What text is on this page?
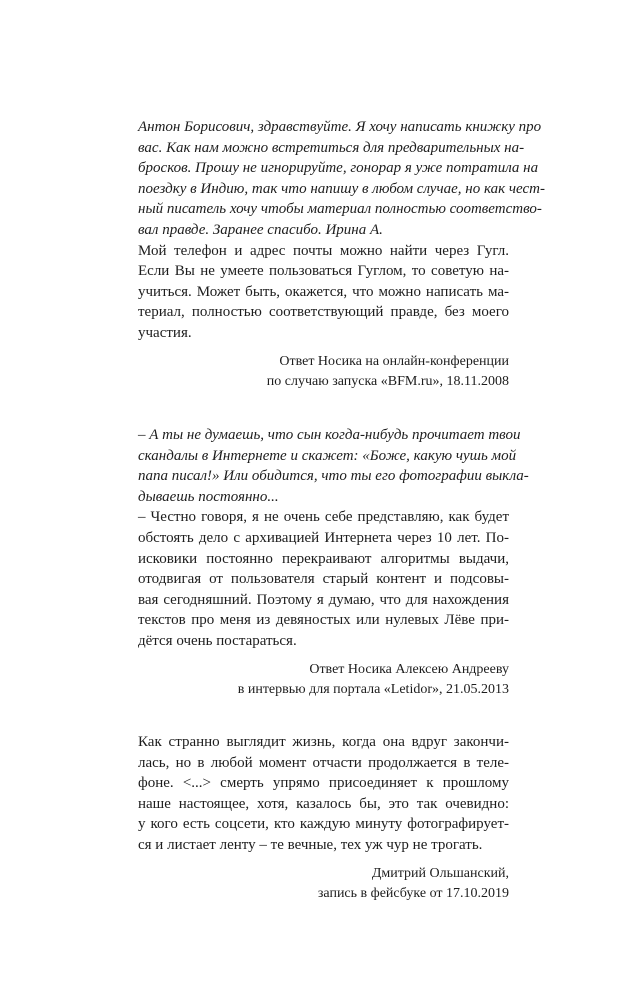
Антон Борисович, здравствуйте. Я хочу написать книжку про
вас. Как нам можно встретиться для предварительных на-
бросков. Прошу не игнорируйте, гонорар я уже потратила на
поездку в Индию, так что напишу в любом случае, но как чест-
ный писатель хочу чтобы материал полностью соответство-
вал правде. Заранее спасибо. Ирина А.
Мой телефон и адрес почты можно найти через Гугл.
Если Вы не умеете пользоваться Гуглом, то советую на-
учиться. Может быть, окажется, что можно написать ма-
териал, полностью соответствующий правде, без моего
участия.
Ответ Носика на онлайн-конференции
по случаю запуска «BFM.ru», 18.11.2008
– А ты не думаешь, что сын когда-нибудь прочитает твои
скандалы в Интернете и скажет: «Боже, какую чушь мой
папа писал!» Или обидится, что ты его фотографии выкла-
дываешь постоянно...
– Честно говоря, я не очень себе представляю, как будет
обстоять дело с архивацией Интернета через 10 лет. По-
исковики постоянно перекраивают алгоритмы выдачи,
отодвигая от пользователя старый контент и подсовы-
вая сегодняшний. Поэтому я думаю, что для нахождения
текстов про меня из девяностых или нулевых Лёве при-
дётся очень постараться.
Ответ Носика Алексею Андрееву
в интервью для портала «Letidor», 21.05.2013
Как странно выглядит жизнь, когда она вдруг закончи-
лась, но в любой момент отчасти продолжается в теле-
фоне. <...> смерть упрямо присоединяет к прошлому
наше настоящее, хотя, казалось бы, это так очевидно:
у кого есть соцсети, кто каждую минуту фотографирует-
ся и листает ленту – те вечные, тех уж чур не трогать.
Дмитрий Ольшанский,
запись в фейсбуке от 17.10.2019
